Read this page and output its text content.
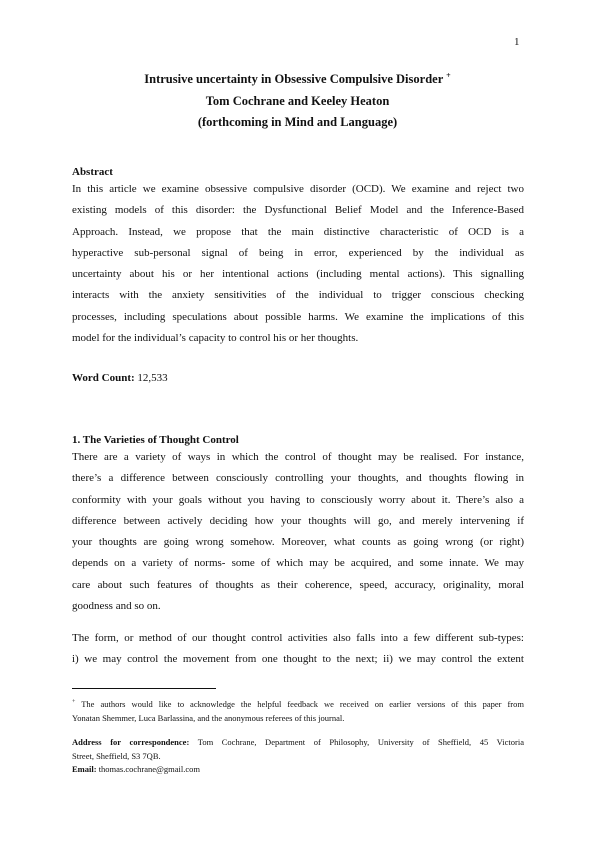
1
Intrusive uncertainty in Obsessive Compulsive Disorder +
Tom Cochrane and Keeley Heaton
(forthcoming in Mind and Language)
Abstract
In this article we examine obsessive compulsive disorder (OCD). We examine and reject two
existing models of this disorder: the Dysfunctional Belief Model and the Inference-Based
Approach. Instead, we propose that the main distinctive characteristic of OCD is a
hyperactive sub-personal signal of being in error, experienced by the individual as
uncertainty about his or her intentional actions (including mental actions). This signalling
interacts with the anxiety sensitivities of the individual to trigger conscious checking
processes, including speculations about possible harms. We examine the implications of this
model for the individual’s capacity to control his or her thoughts.
Word Count: 12,533
1. The Varieties of Thought Control
There are a variety of ways in which the control of thought may be realised. For instance,
there’s a difference between consciously controlling your thoughts, and thoughts flowing in
conformity with your goals without you having to consciously worry about it. There’s also a
difference between actively deciding how your thoughts will go, and merely intervening if
your thoughts are going wrong somehow. Moreover, what counts as going wrong (or right)
depends on a variety of norms- some of which may be acquired, and some innate. We may
care about such features of thoughts as their coherence, speed, accuracy, originality, moral
goodness and so on.
The form, or method of our thought control activities also falls into a few different sub-types:
i) we may control the movement from one thought to the next; ii) we may control the extent
+ The authors would like to acknowledge the helpful feedback we received on earlier versions of this paper from
Yonatan Shemmer, Luca Barlassina, and the anonymous referees of this journal.
Address for correspondence: Tom Cochrane, Department of Philosophy, University of Sheffield, 45 Victoria
Street, Sheffield, S3 7QB.
Email: thomas.cochrane@gmail.com
